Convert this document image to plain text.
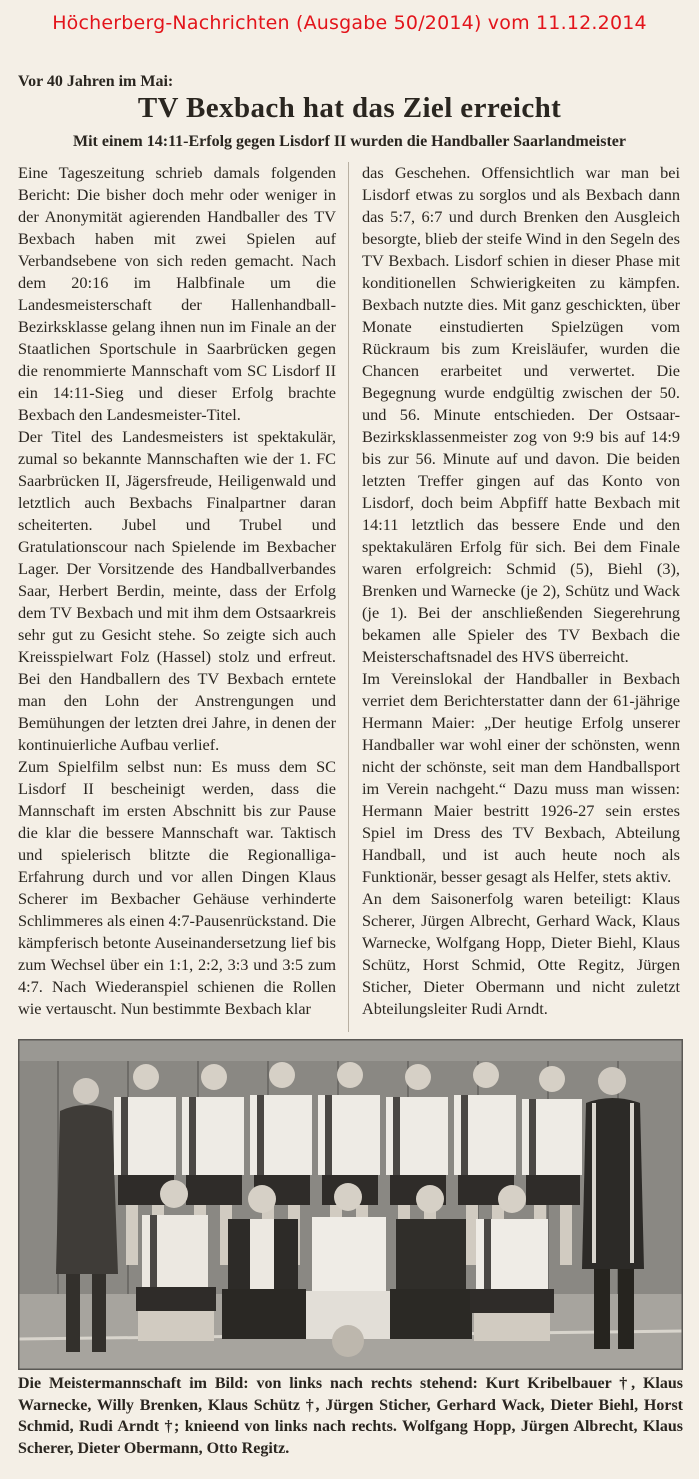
Höcherberg-Nachrichten (Ausgabe 50/2014) vom 11.12.2014
Vor 40 Jahren im Mai:
TV Bexbach hat das Ziel erreicht
Mit einem 14:11-Erfolg gegen Lisdorf II wurden die Handballer Saarlandmeister

Eine Tageszeitung schrieb damals folgenden Bericht: Die bisher doch mehr oder weniger in der Anonymität agierenden Handballer des TV Bexbach haben mit zwei Spielen auf Verbandsebene von sich reden gemacht. Nach dem 20:16 im Halbfinale um die Landesmeisterschaft der Hallenhandball-Bezirksklasse gelang ihnen nun im Finale an der Staatlichen Sportschule in Saarbrücken gegen die renommierte Mannschaft vom SC Lisdorf II ein 14:11-Sieg und dieser Erfolg brachte Bexbach den Landesmeister-Titel.

Der Titel des Landesmeisters ist spektakulär, zumal so bekannte Mannschaften wie der 1. FC Saarbrücken II, Jägersfreude, Heiligenwald und letztlich auch Bexbachs Finalpartner daran scheiterten. Jubel und Trubel und Gratulationscour nach Spielende im Bexbacher Lager. Der Vorsitzende des Handballverbandes Saar, Herbert Berdin, meinte, dass der Erfolg dem TV Bexbach und mit ihm dem Ostsaarkreis sehr gut zu Gesicht stehe. So zeigte sich auch Kreisspielwart Folz (Hassel) stolz und erfreut. Bei den Handballern des TV Bexbach erntete man den Lohn der Anstrengungen und Bemühungen der letzten drei Jahre, in denen der kontinuierliche Aufbau verlief.

Zum Spielfilm selbst nun: Es muss dem SC Lisdorf II bescheinigt werden, dass die Mannschaft im ersten Abschnitt bis zur Pause die klar die bessere Mannschaft war. Taktisch und spielerisch blitzte die Regionalliga-Erfahrung durch und vor allen Dingen Klaus Scherer im Bexbacher Gehäuse verhinderte Schlimmeres als einen 4:7-Pausenrückstand. Die kämpferisch betonte Auseinandersetzung lief bis zum Wechsel über ein 1:1, 2:2, 3:3 und 3:5 zum 4:7. Nach Wiederanspiel schienen die Rollen wie vertauscht. Nun bestimmte Bexbach klar

das Geschehen. Offensichtlich war man bei Lisdorf etwas zu sorglos und als Bexbach dann das 5:7, 6:7 und durch Brenken den Ausgleich besorgte, blieb der steife Wind in den Segeln des TV Bexbach. Lisdorf schien in dieser Phase mit konditionellen Schwierigkeiten zu kämpfen. Bexbach nutzte dies. Mit ganz geschickten, über Monate einstudierten Spielzügen vom Rückraum bis zum Kreisläufer, wurden die Chancen erarbeitet und verwertet. Die Begegnung wurde endgültig zwischen der 50. und 56. Minute entschieden. Der Ostsaar-Bezirksklassenmeister zog von 9:9 bis auf 14:9 bis zur 56. Minute auf und davon. Die beiden letzten Treffer gingen auf das Konto von Lisdorf, doch beim Abpfiff hatte Bexbach mit 14:11 letztlich das bessere Ende und den spektakulären Erfolg für sich. Bei dem Finale waren erfolgreich: Schmid (5), Biehl (3), Brenken und Warnecke (je 2), Schütz und Wack (je 1). Bei der anschließenden Siegerehrung bekamen alle Spieler des TV Bexbach die Meisterschaftsnadel des HVS überreicht.

Im Vereinslokal der Handballer in Bexbach verriet dem Berichterstatter dann der 61-jährige Hermann Maier: „Der heutige Erfolg unserer Handballer war wohl einer der schönsten, wenn nicht der schönste, seit man dem Handballsport im Verein nachgeht.“ Dazu muss man wissen: Hermann Maier bestritt 1926-27 sein erstes Spiel im Dress des TV Bexbach, Abteilung Handball, und ist auch heute noch als Funktionär, besser gesagt als Helfer, stets aktiv.

An dem Saisonerfolg waren beteiligt: Klaus Scherer, Jürgen Albrecht, Gerhard Wack, Klaus Warnecke, Wolfgang Hopp, Dieter Biehl, Klaus Schütz, Horst Schmid, Otte Regitz, Jürgen Sticher, Dieter Obermann und nicht zuletzt Abteilungsleiter Rudi Arndt.

Die Meistermannschaft im Bild: von links nach rechts stehend: Kurt Kribelbauer †, Klaus Warnecke, Willy Brenken, Klaus Schütz †, Jürgen Sticher, Gerhard Wack, Dieter Biehl, Horst Schmid, Rudi Arndt †; knieend von links nach rechts. Wolfgang Hopp, Jürgen Albrecht, Klaus Scherer, Dieter Obermann, Otto Regitz.
